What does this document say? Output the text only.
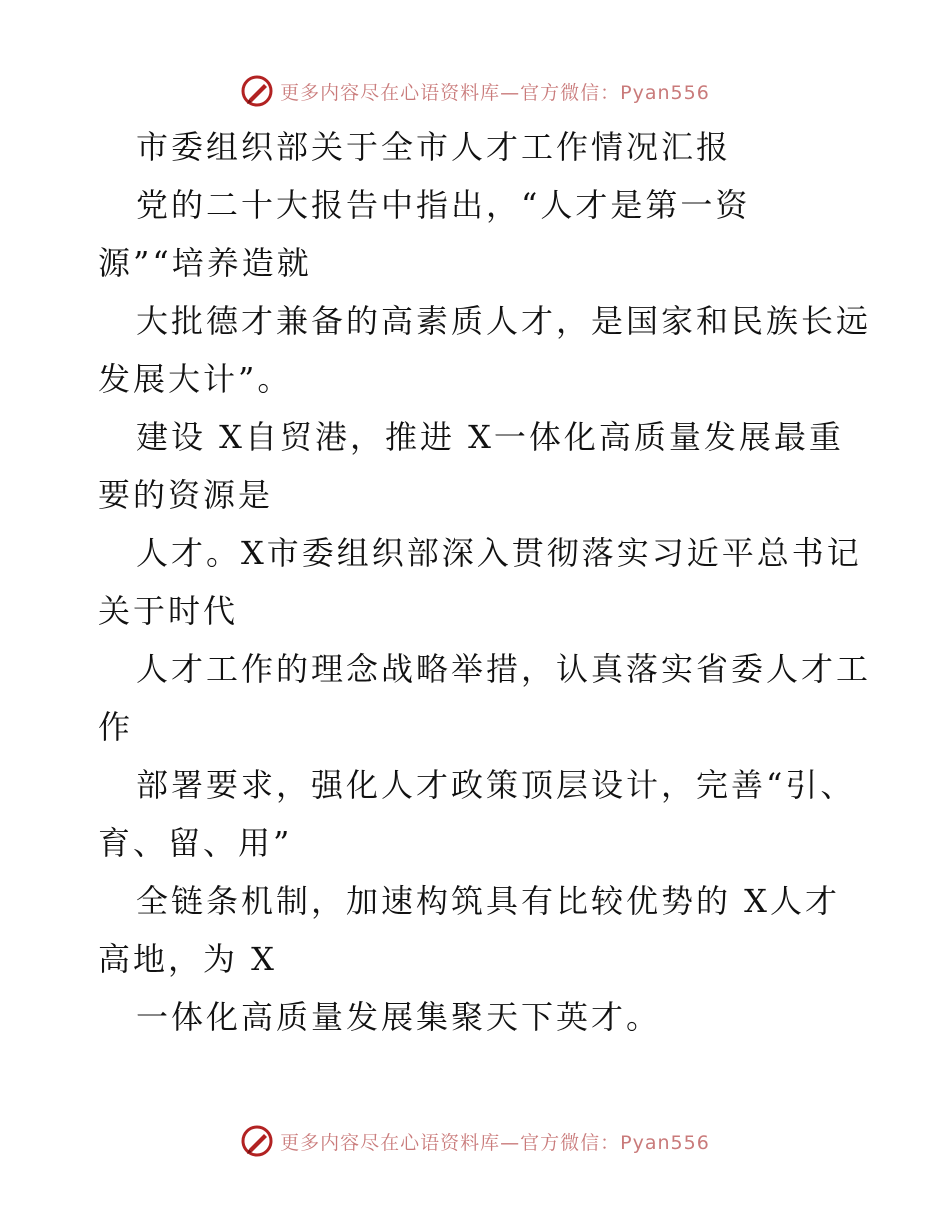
更多内容尽在心语资料库—官方微信：Pyan556
市委组织部关于全市人才工作情况汇报
党的二十大报告中指出，“人才是第一资
源”“培养造就
大批德才兼备的高素质人才，是国家和民族长远
发展大计”。
建设 X自贸港，推进 X一体化高质量发展最重
要的资源是
人才。X市委组织部深入贯彻落实习近平总书记
关于时代
人才工作的理念战略举措，认真落实省委人才工
作
部署要求，强化人才政策顶层设计，完善“引、
育、留、用”
全链条机制，加速构筑具有比较优势的 X人才
高地，为 X
一体化高质量发展集聚天下英才。
更多内容尽在心语资料库—官方微信：Pyan556
